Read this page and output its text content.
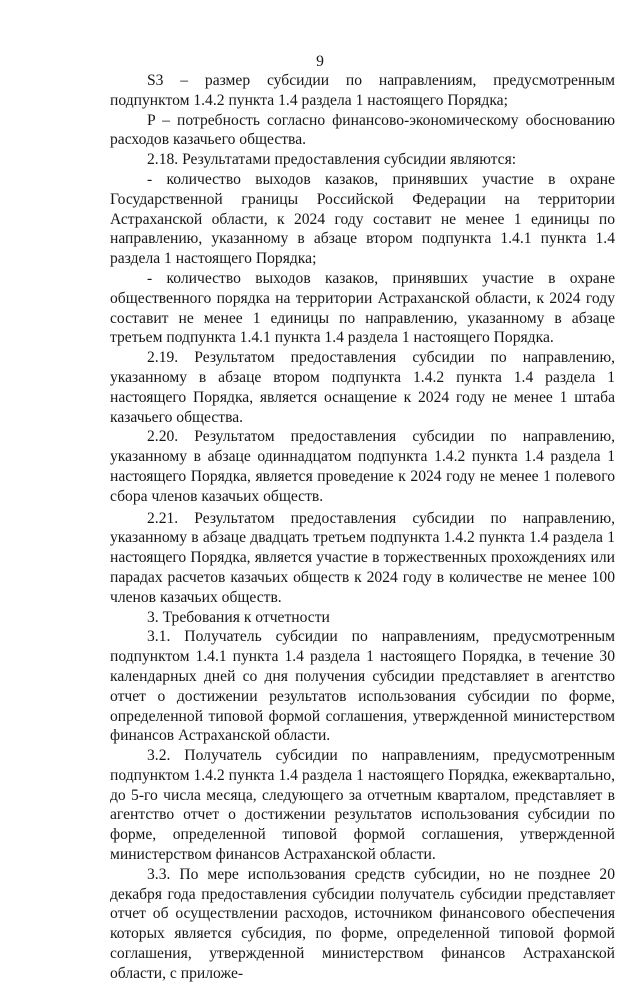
9

S3 – размер субсидии по направлениям, предусмотренным подпунктом 1.4.2 пункта 1.4 раздела 1 настоящего Порядка;

P – потребность согласно финансово-экономическому обоснованию расходов казачьего общества.

2.18. Результатами предоставления субсидии являются:

- количество выходов казаков, принявших участие в охране Государственной границы Российской Федерации на территории Астраханской области, к 2024 году составит не менее 1 единицы по направлению, указанному в абзаце втором подпункта 1.4.1 пункта 1.4 раздела 1 настоящего Порядка;

- количество выходов казаков, принявших участие в охране общественного порядка на территории Астраханской области, к 2024 году составит не менее 1 единицы по направлению, указанному в абзаце третьем подпункта 1.4.1 пункта 1.4 раздела 1 настоящего Порядка.

2.19. Результатом предоставления субсидии по направлению, указанному в абзаце втором подпункта 1.4.2 пункта 1.4 раздела 1 настоящего Порядка, является оснащение к 2024 году не менее 1 штаба казачьего общества.

2.20. Результатом предоставления субсидии по направлению, указанному в абзаце одиннадцатом подпункта 1.4.2 пункта 1.4 раздела 1 настоящего Порядка, является проведение к 2024 году не менее 1 полевого сбора членов казачьих обществ.

2.21. Результатом предоставления субсидии по направлению, указанному в абзаце двадцать третьем подпункта 1.4.2 пункта 1.4 раздела 1 настоящего Порядка, является участие в торжественных прохождениях или парадах расчетов казачьих обществ к 2024 году в количестве не менее 100 членов казачьих обществ.

3. Требования к отчетности

3.1. Получатель субсидии по направлениям, предусмотренным подпунктом 1.4.1 пункта 1.4 раздела 1 настоящего Порядка, в течение 30 календарных дней со дня получения субсидии представляет в агентство отчет о достижении результатов использования субсидии по форме, определенной типовой формой соглашения, утвержденной министерством финансов Астраханской области.

3.2. Получатель субсидии по направлениям, предусмотренным подпунктом 1.4.2 пункта 1.4 раздела 1 настоящего Порядка, ежеквартально, до 5-го числа месяца, следующего за отчетным кварталом, представляет в агентство отчет о достижении результатов использования субсидии по форме, определенной типовой формой соглашения, утвержденной министерством финансов Астраханской области.

3.3. По мере использования средств субсидии, но не позднее 20 декабря года предоставления субсидии получатель субсидии представляет отчет об осуществлении расходов, источником финансового обеспечения которых является субсидия, по форме, определенной типовой формой соглашения, утвержденной министерством финансов Астраханской области, с приложе-
